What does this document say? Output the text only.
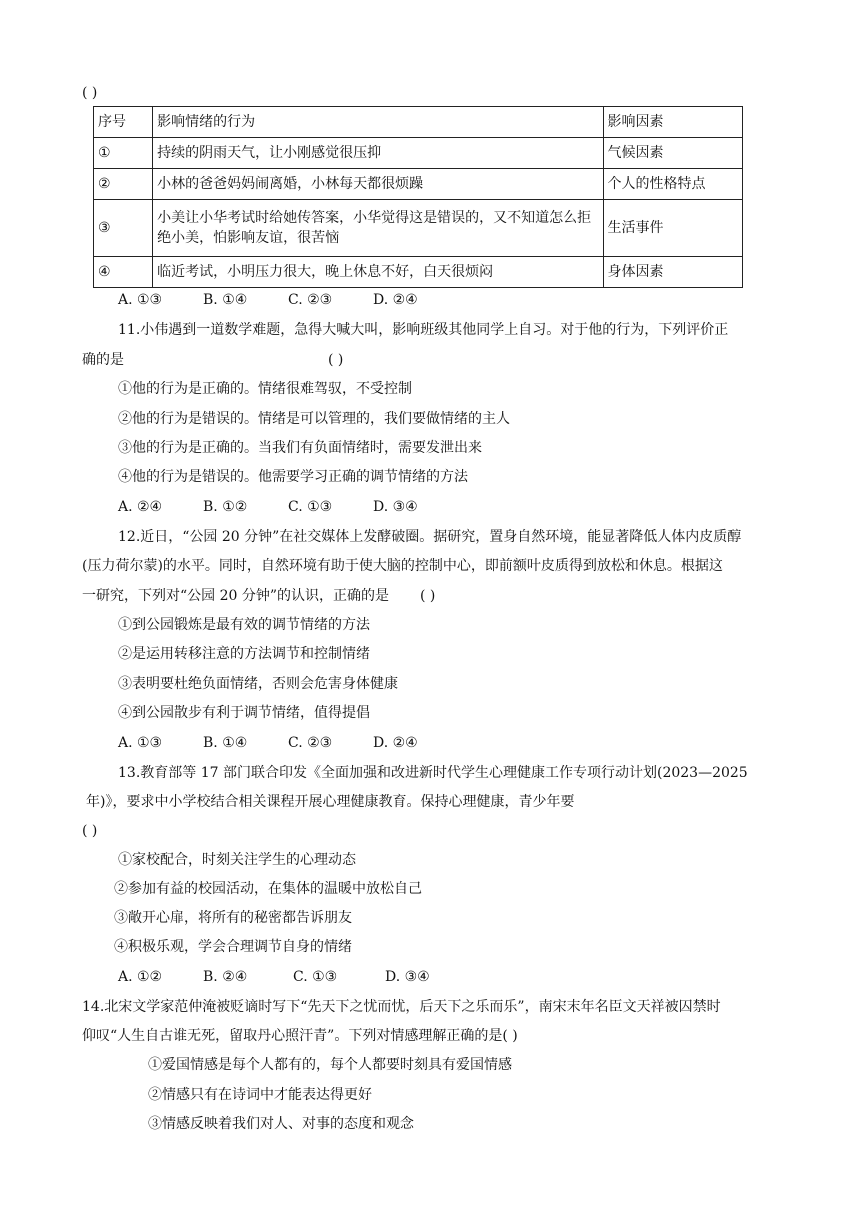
( )
序号	影响情绪的行为	影响因素
①	持续的阴雨天气，让小刚感觉很压抑	气候因素
②	小林的爸爸妈妈闹离婚，小林每天都很烦躁	个人的性格特点
③	小美让小华考试时给她传答案，小华觉得这是错误的，又不知道怎么拒绝小美，怕影响友谊，很苦恼	生活事件
④	临近考试，小明压力很大，晚上休息不好，白天很烦闷	身体因素
A. ①③	B. ①④	C. ②③	D. ②④
11.小伟遇到一道数学难题，急得大喊大叫，影响班级其他同学上自习。对于他的行为，下列评价正
确的是	( )
①他的行为是正确的。情绪很难驾驭，不受控制
②他的行为是错误的。情绪是可以管理的，我们要做情绪的主人
③他的行为是正确的。当我们有负面情绪时，需要发泄出来
④他的行为是错误的。他需要学习正确的调节情绪的方法
A. ②④	B. ①②	C. ①③	D. ③④
12.近日，“公园 20 分钟”在社交媒体上发酵破圈。据研究，置身自然环境，能显著降低人体内皮质醇
(压力荷尔蒙)的水平。同时，自然环境有助于使大脑的控制中心，即前额叶皮质得到放松和休息。根据这
一研究，下列对“公园 20 分钟”的认识，正确的是 ( )
①到公园锻炼是最有效的调节情绪的方法
②是运用转移注意的方法调节和控制情绪
③表明要杜绝负面情绪，否则会危害身体健康
④到公园散步有利于调节情绪，值得提倡
A. ①③	B. ①④	C. ②③	D. ②④
13.教育部等 17 部门联合印发《全面加强和改进新时代学生心理健康工作专项行动计划(2023—2025
年)》，要求中小学校结合相关课程开展心理健康教育。保持心理健康，青少年要
( )
①家校配合，时刻关注学生的心理动态
②参加有益的校园活动，在集体的温暖中放松自己
③敞开心扉，将所有的秘密都告诉朋友
④积极乐观，学会合理调节自身的情绪
A. ①②	B. ②④	C. ①③	D. ③④
14.北宋文学家范仲淹被贬谪时写下“先天下之忧而忧，后天下之乐而乐”，南宋末年名臣文天祥被囚禁时
仰叹“人生自古谁无死，留取丹心照汗青”。下列对情感理解正确的是( )
①爱国情感是每个人都有的，每个人都要时刻具有爱国情感
②情感只有在诗词中才能表达得更好
③情感反映着我们对人、对事的态度和观念
